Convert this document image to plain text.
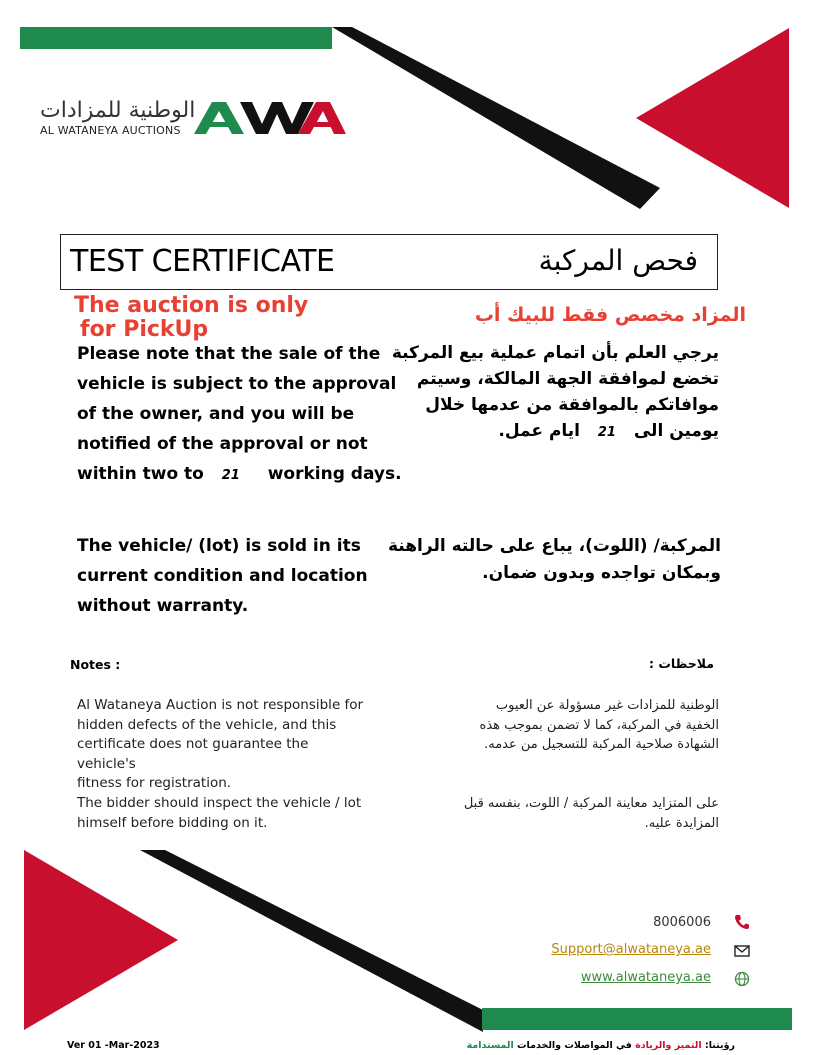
الوطنية للمزادات
AL WATANEYA AUCTIONS
TEST CERTIFICATE	فحص المركبة
The auction is only
for PickUp
المزاد مخصص فقط للبيك أب
Please note that the sale of the
vehicle is subject to the approval
of the owner, and you will be
notified of the approval or not
within two to 21 working days.
يرجي العلم بأن اتمام عملية بيع المركبة
تخضع لموافقة الجهة المالكة، وسيتم
موافاتكم بالموافقة من عدمها خلال
يومين الى 21 ايام عمل.
The vehicle/ (lot) is sold in its
current condition and location
without warranty.
المركبة/ (اللوت)، يباع على حالته الراهنة
وبمكان تواجده وبدون ضمان.
Notes :	ملاحظات :
Al Wataneya Auction is not responsible for
hidden defects of the vehicle, and this
certificate does not guarantee the vehicle's
fitness for registration.
The bidder should inspect the vehicle / lot
himself before bidding on it.
الوطنية للمزادات غير مسؤولة عن العيوب
الخفية في المركبة، كما لا تضمن بموجب هذه
الشهادة صلاحية المركبة للتسجيل من عدمه.
على المتزايد معاينة المركبة / اللوت، بنفسه قبل
المزايدة عليه.
8006006
Support@alwataneya.ae
www.alwataneya.ae
Ver 01 -Mar-2023	رؤيتنا: التميز والريادة في المواصلات والخدمات المستدامة
